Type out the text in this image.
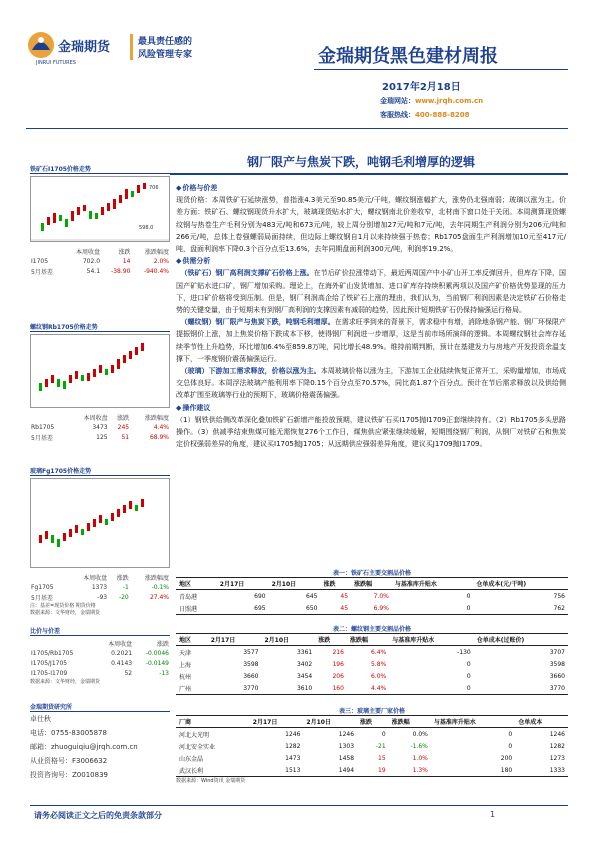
金瑞期货
JINRUI FUTURES
最具责任感的
风险管理专家	金瑞期货黑色建材周报
2017年2月18日
金瑞网站：www.jrqh.com.cn
客服热线：400-888-8208
钢厂限产与焦炭下跌，吨钢毛利增厚的逻辑
铁矿石I1705价格走势
706
598.0
	本周收盘	涨跌	涨跌幅度
I1705	702.0	14	2.0%
5月基差	54.1	-38.90	-940.4%
螺纹钢Rb1705价格走势
	本周收盘	涨跌	涨跌幅度
Rb1705	3473	245	4.4%
5月基差	125	51	68.9%
玻璃Fg1705价格走势
	本周收盘	涨跌	涨跌幅度
Fg1705	1373	-1	-0.1%
5月基差	-93	-20	27.4%
注：基差=现货价格 期货价格
数据来源：文华财经，金瑞期货
比价与价差
	本周收盘	涨跌
I1705/Rb1705	0.2021	-0.0046
I1705/J1705	0.4143	-0.0149
I1705-I1709	52	-13
数据来源：文华财经，金瑞期货
金瑞期货研究所
卓仕秋
电话：0755-83005878
邮箱：zhuoguiqiu@jrqh.com.cn
从业资格号：F3006632
投资咨询号：Z0010839
◆ 价格与价差

现货价格：本周铁矿石延续涨势，普指涨4.3美元至90.85美元/干吨，螺纹钢涨幅扩大，涨势仍北强南弱；玻璃以涨为主。价差方面：铁矿石、螺纹钢现货升水扩大，玻璃现货贴水扩大，螺纹钢南北价差收窄，北材南下窗口处于关闭。本周测算现货螺纹钢与热卷生产毛利分别为483元/吨和673元/吨，较上周分别增加27元/吨和7元/吨，去年同期生产利润分别为206元/吨和266元/吨，总体上卷强螺弱局面持续，但边际上螺纹钢自1月以来持续强于热卷；Rb1705盘面生产利润增加10元至417元/吨，盘面利润率下降0.3个百分点至13.6%，去年同期盘面利润300元/吨，利润率19.2%。

◆ 供需分析

（铁矿石）钢厂高利润支撑矿石价格上涨。在节后矿价拉涨带动下，最近两周国产中小矿山开工率反弹回升，但库存下降，国国产矿贴水进口矿，钢厂增加采购。理论上，在海外矿山发货增加、进口矿库存持续积累两项以及国产矿价格优势显现的压力下，进口矿价格将受到压制。但是，钢厂利润高企给了铁矿石上涨的理由，我们认为，当前钢厂利润因素是决定铁矿石价格走势的关键变量，由于短期未有到钢厂高利润的支撑因素有减弱的趋势，因此预计短期铁矿石仍保持偏强运行格局。

（螺纹钢）钢厂限产与焦炭下跌，吨钢毛利增厚。在需求旺季到来的背景下，需求稳中有增，消除地条钢产能、钢厂环保限产提振钢价上涨，加上焦炭价格下跌成本下移，使得钢厂利润进一步增厚，这是当前市场所演绎的逻辑。本周螺纹钢社会库存延续季节性上升趋势，环比增加6.4%至859.8万吨，同比增长48.9%。维持前期判断，预计在基建发力与房地产开发投资余温支撑下，一季度钢价震荡偏强运行。

（玻璃）下游加工需求释放，价格以涨为主。本周玻璃价格以涨为主，下游加工企业陆续恢复正常开工，采购量增加，市场成交总体良好。本周浮法玻璃产能利用率下降0.15个百分点至70.57%，同比高1.87个百分点。预计在节后需求释放以及供给侧改革扩围至玻璃等行业的预期下，玻璃价格震荡偏强。

◆ 操作建议

（1）钢铁供给侧改革深化叠加铁矿石新增产能投放预期，建议铁矿石买I1705抛I1709正套继续持有。（2）Rb1705多头思路操作。（3）供减季结束焦煤可能无需恢复276个工作日，煤焦供应紧张继续缓解，短期围绕钢厂利润，从钢厂对铁矿石和焦炭定价权强弱差异的角度，建议买I1705抛J1705；从远期供应强弱差异角度，建议买J1709抛I1709。

表一：铁矿石主要交割品价格
地区	2月17日	2月10日	涨跌	涨跌幅	与基准库升贴水	仓单成本(元/干吨)
青岛港	690	645	45	7.0%	0	756
日照港	695	650	45	6.9%	0	762
表二：螺纹钢主要交割品价格
地区	2月17日	2月10日	涨跌	涨跌幅	与基准库升贴水	仓单成本(过账价)
天津	3577	3361	216	6.4%	-130	3707
上海	3598	3402	196	5.8%	0	3598
杭州	3660	3454	206	6.0%	0	3660
广州	3770	3610	160	4.4%	0	3770
表三：玻璃主要厂家价格
厂商	2月17日	2月10日	涨跌	涨跌幅	与基准库升贴水	仓单成本
河北大光明	1246	1246	0	0.0%	0	1246
河北安全实业	1282	1303	-21	-1.6%	0	1282
山东金晶	1473	1458	15	1.0%	200	1273
武汉长利	1513	1494	19	1.3%	180	1333
数据来源：Wind资讯 金瑞期货
请务必阅读正文之后的免责条款部分	1
